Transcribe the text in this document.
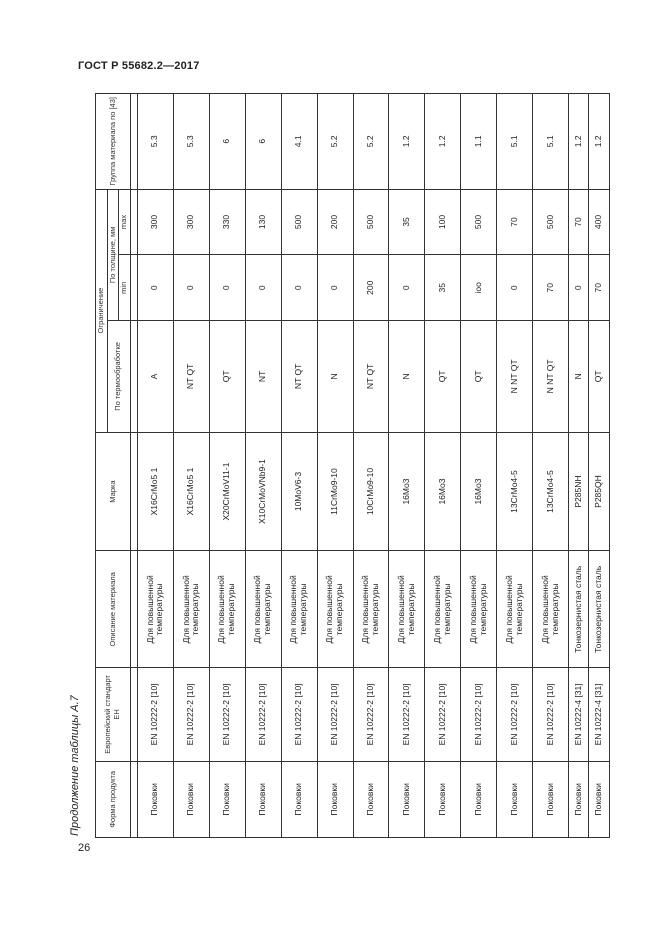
ГОСТ Р 55682.2—2017
Продолжение таблицы А.7
26
Форма продукта	Европейский стандарт ЕН	Описание материала	Марка	Ограничение			Группа материала по [43]
				По термообработке	По толщине, мм		
					min	max	

Поковки	EN 10222-2 [10]	Для повышенной температуры	X16CrMo5 1	A	0	300	5.3
Поковки	EN 10222-2 [10]	Для повышенной температуры	X16CrMo5 1	NT QT	0	300	5.3
Поковки	EN 10222-2 [10]	Для повышенной температуры	X20CrMoV11-1	QT	0	330	6
Поковки	EN 10222-2 [10]	Для повышенной температуры	X10CrMoVNb9-1	NT	0	130	6
Поковки	EN 10222-2 [10]	Для повышенной температуры	10MoV6-3	NT QT	0	500	4.1
Поковки	EN 10222-2 [10]	Для повышенной температуры	11CrMo9-10	N	0	200	5.2
Поковки	EN 10222-2 [10]	Для повышенной температуры	10CrMo9-10	NT QT	200	500	5.2
Поковки	EN 10222-2 [10]	Для повышенной температуры	16Mo3	N	0	35	1.2
Поковки	EN 10222-2 [10]	Для повышенной температуры	16Mo3	QT	35	100	1.2
Поковки	EN 10222-2 [10]	Для повышенной температуры	16Mo3	QT	ioo	500	1.1
Поковки	EN 10222-2 [10]	Для повышенной температуры	13CrMo4-5	N NT QT	0	70	5.1
Поковки	EN 10222-2 [10]	Для повышенной температуры	13CrMo4-5	N NT QT	70	500	5.1
Поковки	EN 10222-4 [31]	Тонкозернистая сталь	P285NH	N	0	70	1.2
Поковки	EN 10222-4 [31]	Тонкозернистая сталь	P285QH	QT	70	400	1.2
